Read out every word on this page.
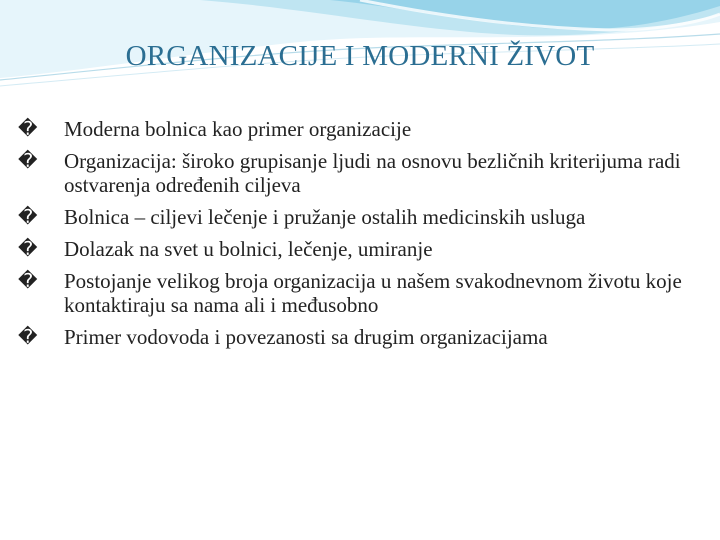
ORGANIZACIJE I MODERNI ŽIVOT
�	Moderna bolnica kao primer organizacije
�	Organizacija: široko grupisanje ljudi na osnovu bezličnih kriterijuma radi ostvarenja određenih ciljeva
�	Bolnica – ciljevi lečenje i pružanje ostalih medicinskih usluga
�	Dolazak na svet u bolnici, lečenje, umiranje
�	Postojanje velikog broja organizacija u našem svakodnevnom životu koje kontaktiraju sa nama ali i međusobno
�	Primer vodovoda i povezanosti sa drugim organizacijama
